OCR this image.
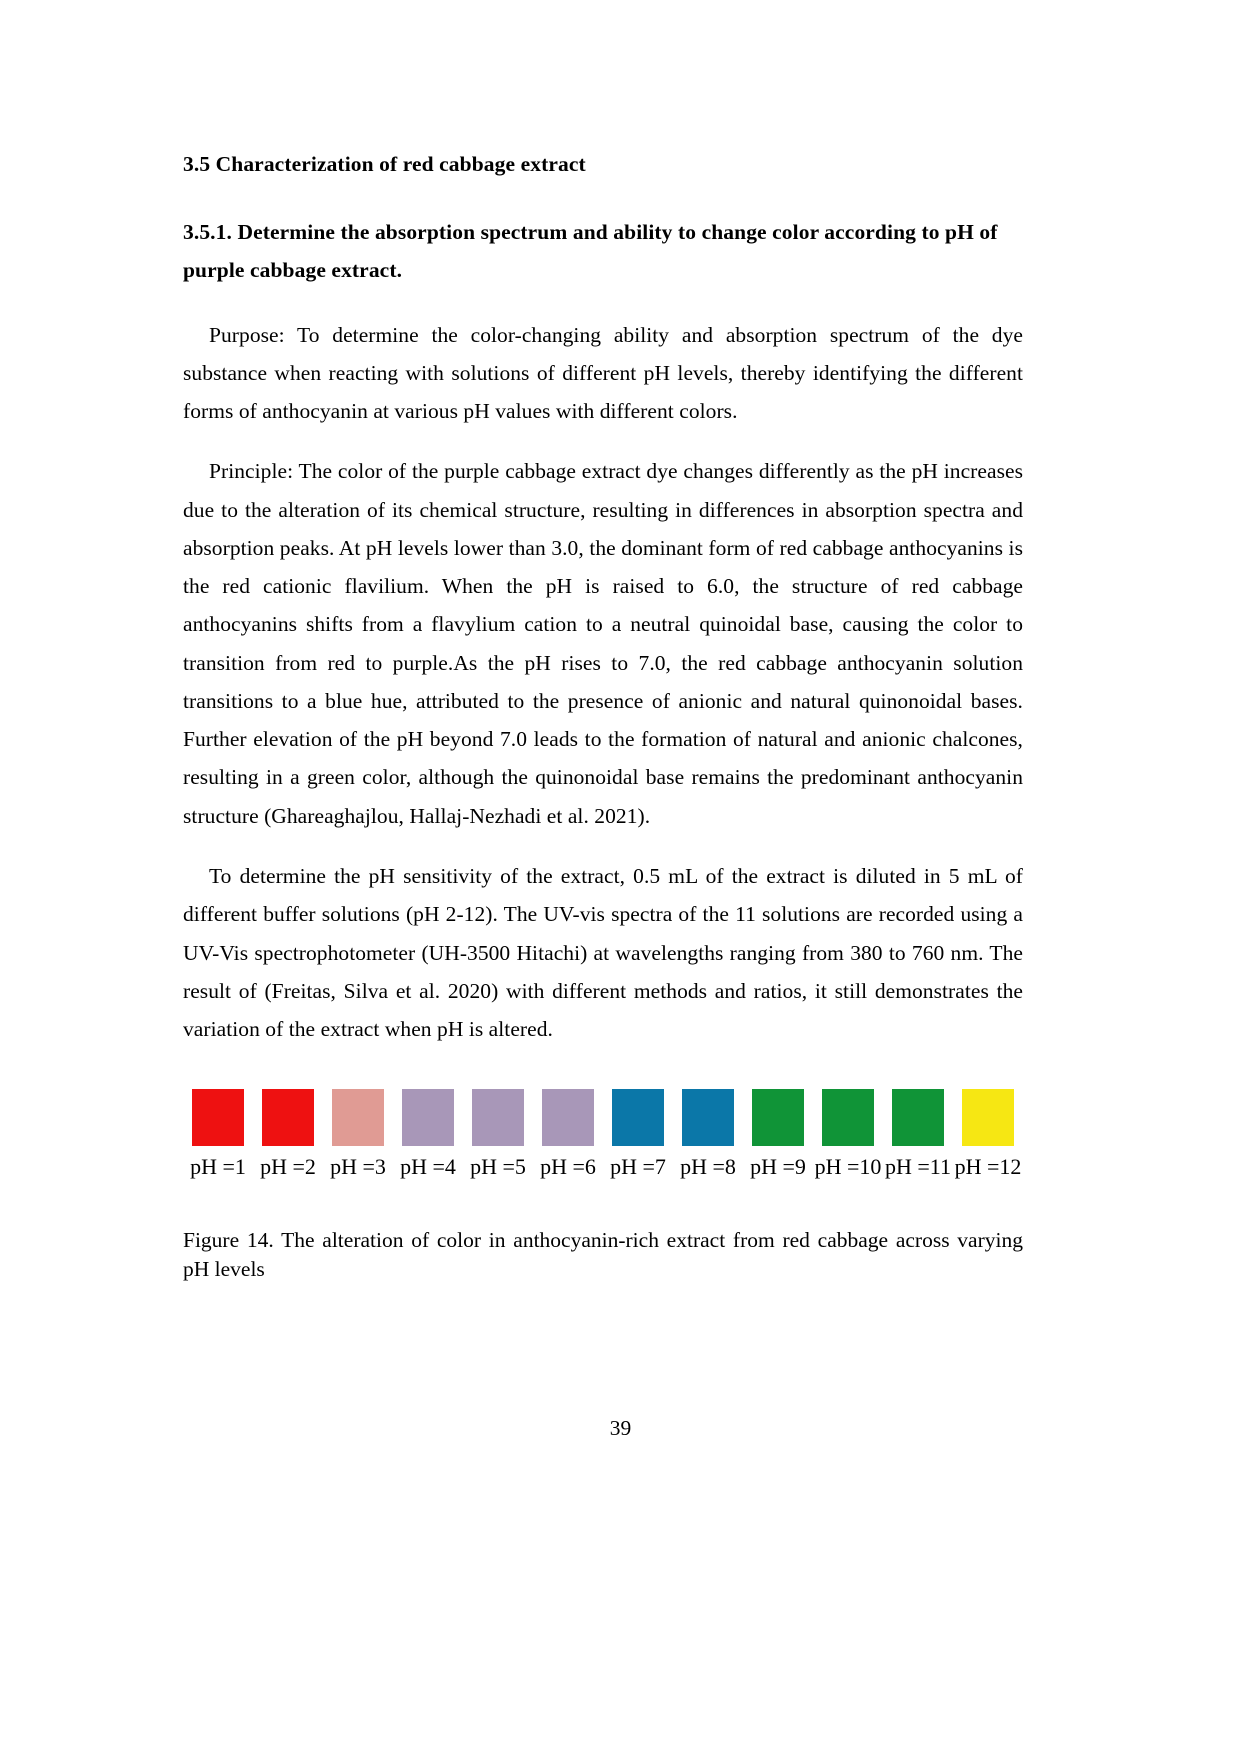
3.5 Characterization of red cabbage extract
3.5.1. Determine the absorption spectrum and ability to change color according to pH of purple cabbage extract.

Purpose: To determine the color-changing ability and absorption spectrum of the dye substance when reacting with solutions of different pH levels, thereby identifying the different forms of anthocyanin at various pH values with different colors.

Principle: The color of the purple cabbage extract dye changes differently as the pH increases due to the alteration of its chemical structure, resulting in differences in absorption spectra and absorption peaks. At pH levels lower than 3.0, the dominant form of red cabbage anthocyanins is the red cationic flavilium. When the pH is raised to 6.0, the structure of red cabbage anthocyanins shifts from a flavylium cation to a neutral quinoidal base, causing the color to transition from red to purple.As the pH rises to 7.0, the red cabbage anthocyanin solution transitions to a blue hue, attributed to the presence of anionic and natural quinonoidal bases. Further elevation of the pH beyond 7.0 leads to the formation of natural and anionic chalcones, resulting in a green color, although the quinonoidal base remains the predominant anthocyanin structure (Ghareaghajlou, Hallaj-Nezhadi et al. 2021).

To determine the pH sensitivity of the extract, 0.5 mL of the extract is diluted in 5 mL of different buffer solutions (pH 2-12). The UV-vis spectra of the 11 solutions are recorded using a UV-Vis spectrophotometer (UH-3500 Hitachi) at wavelengths ranging from 380 to 760 nm. The result of (Freitas, Silva et al. 2020) with different methods and ratios, it still demonstrates the variation of the extract when pH is altered.

pH =1 pH =2 pH =3 pH =4 pH =5 pH =6 pH =7 pH =8 pH =9 pH =10 pH =11 pH =12

Figure 14. The alteration of color in anthocyanin-rich extract from red cabbage across varying pH levels

39
